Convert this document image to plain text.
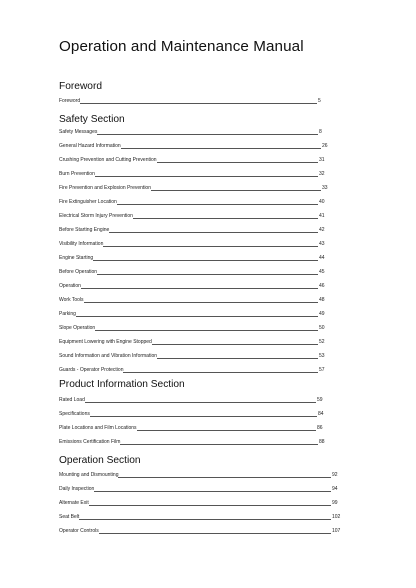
Operation and Maintenance Manual
Foreword
Foreword	5
Safety Section
Safety Messages	8
General Hazard Information	26
Crushing Prevention and Cutting Prevention	31
Burn Prevention	32
Fire Prevention and Explosion Prevention	33
Fire Extinguisher Location	40
Electrical Storm Injury Prevention	41
Before Starting Engine	42
Visibility Information	43
Engine Starting	44
Before Operation	45
Operation	46
Work Tools	48
Parking	49
Slope Operation	50
Equipment Lowering with Engine Stopped	52
Sound Information and Vibration Information	53
Guards - Operator Protection	57
Product Information Section
Rated Load	59
Specifications	84
Plate Locations and Film Locations	86
Emissions Certification Film	88
Operation Section
Mounting and Dismounting	92
Daily Inspection	94
Alternate Exit	99
Seat Belt	102
Operator Controls	107
